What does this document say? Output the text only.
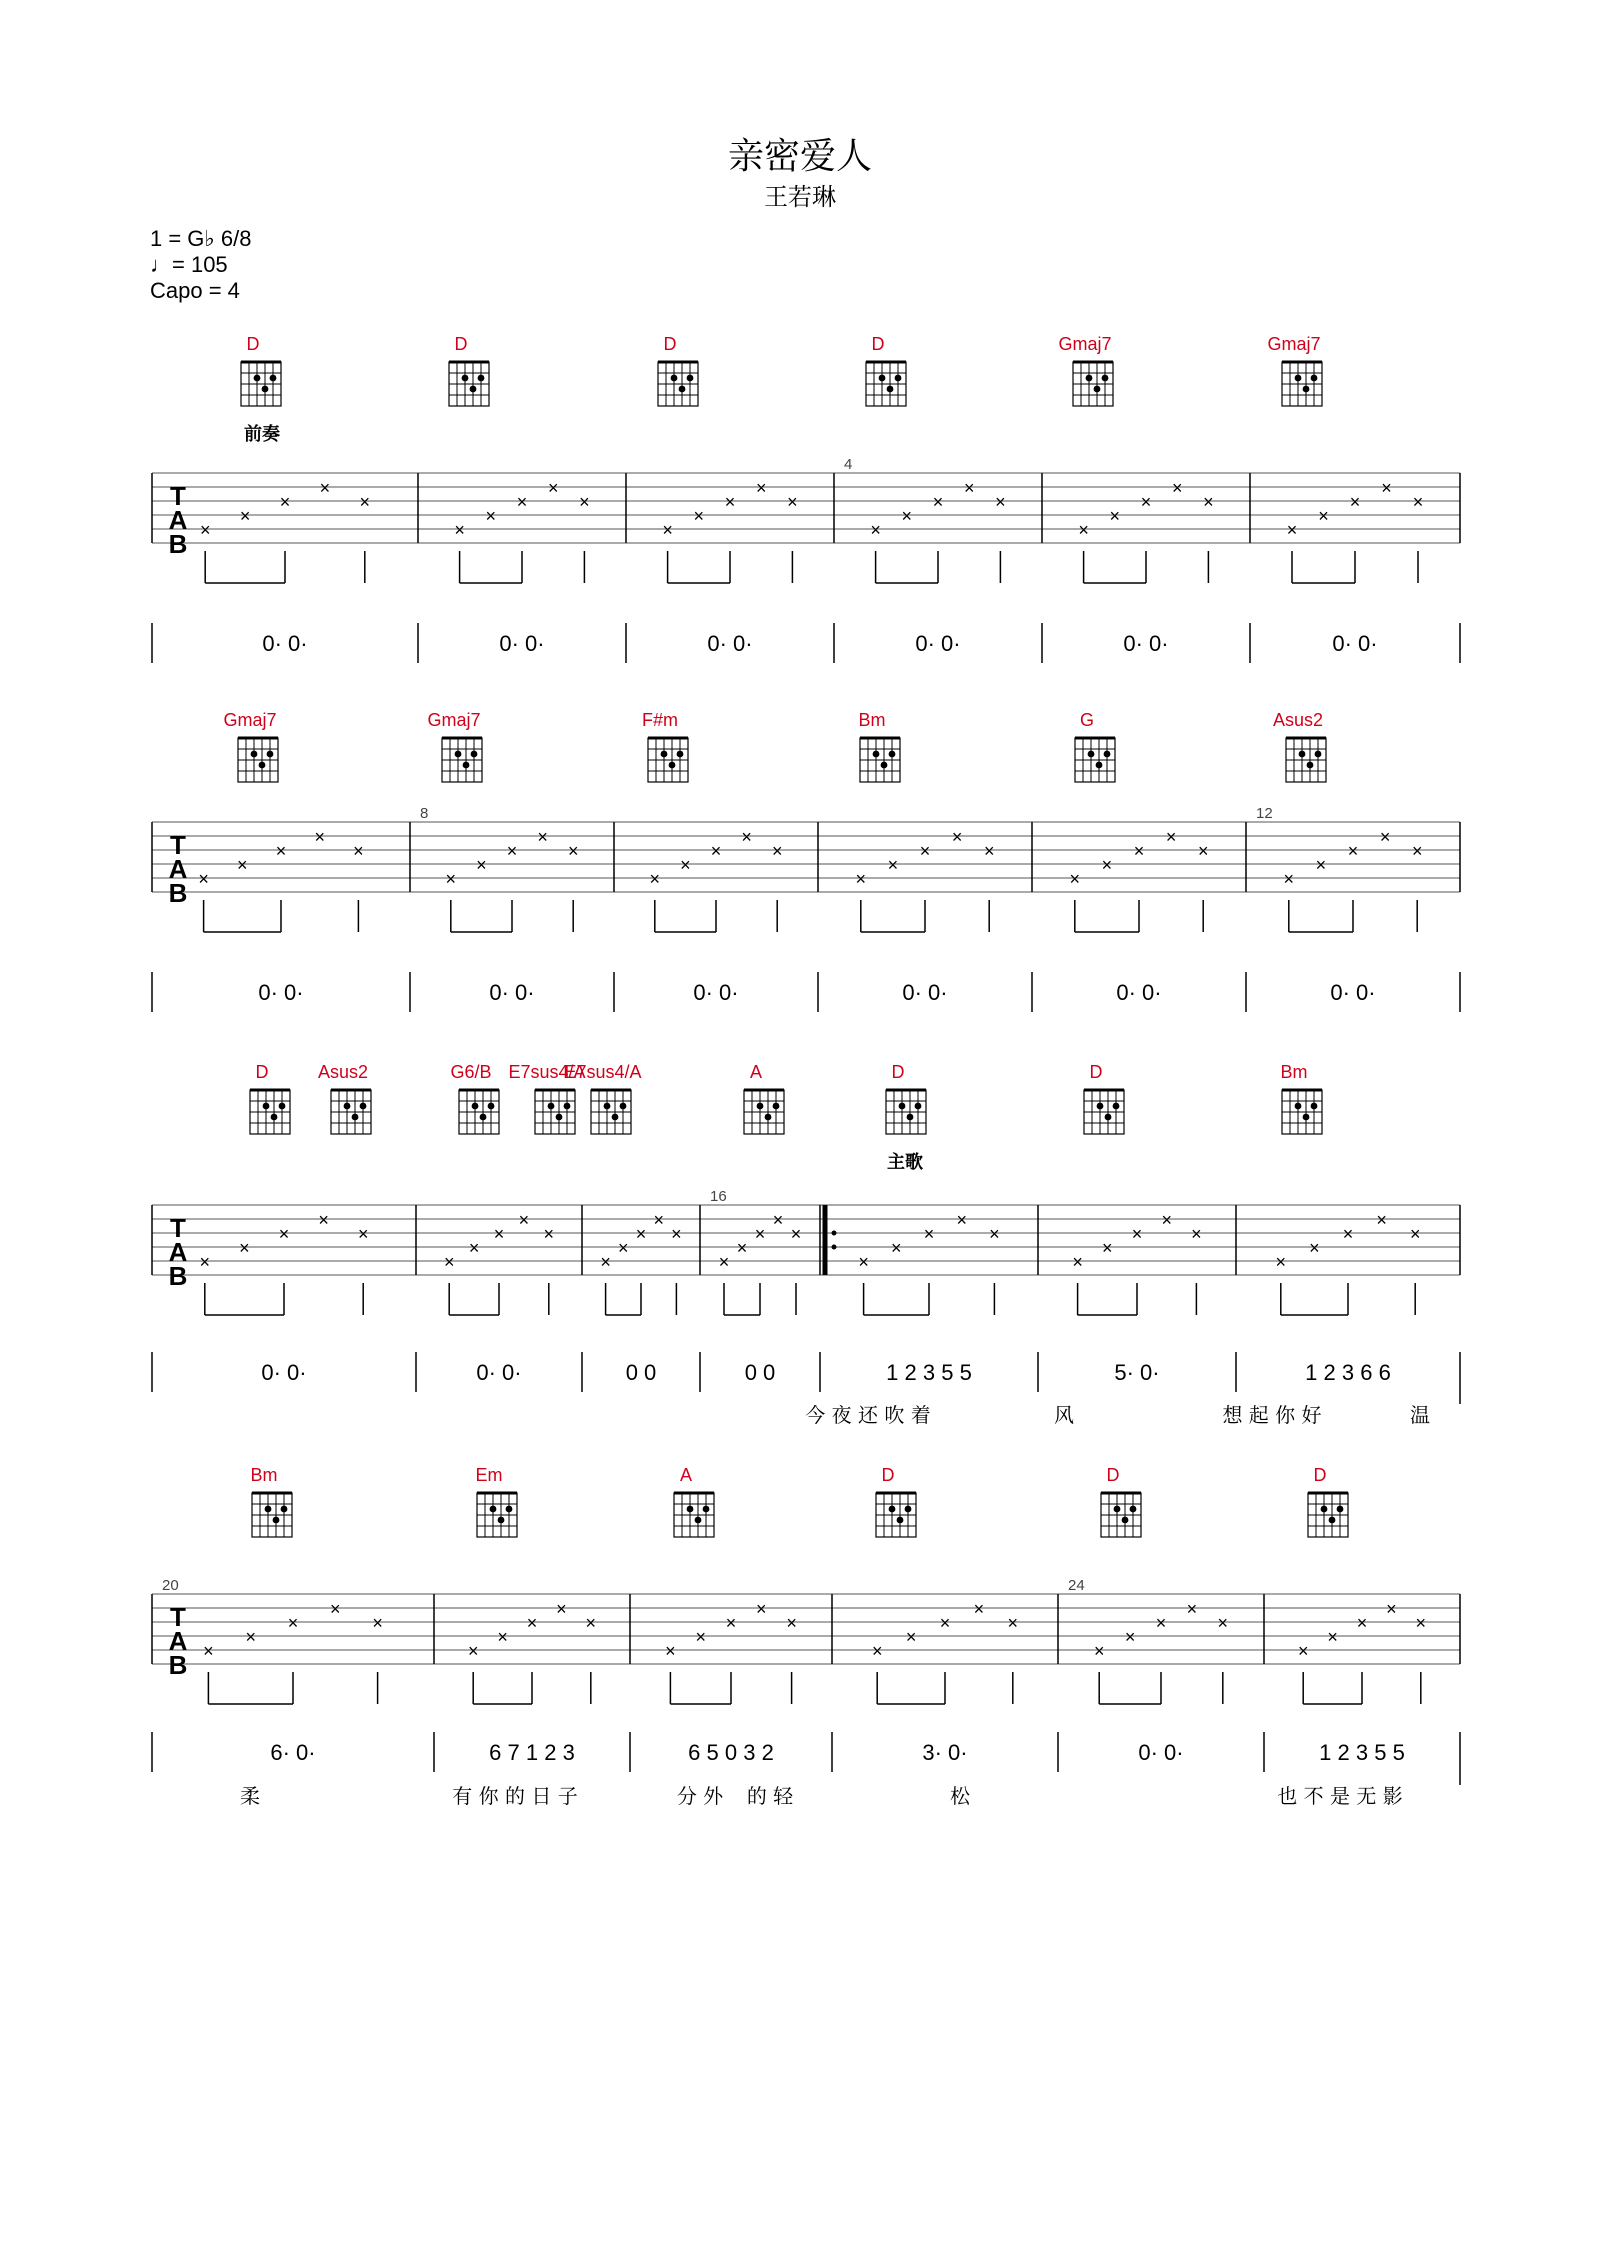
亲密爱人
王若琳
1 = G♭ 6/8
♩= 105
Capo = 4
D	D	D	D	Gmaj7	Gmaj7
前奏
T
A
B
4
×
×
×
×
×
×
×
×
×
×
×
×
×
×
×
×
×
×
×
×
×
×
×
×
×
×
×
×
×
×
0· 0·	0· 0·	0· 0·	0· 0·	0· 0·	0· 0·
Gmaj7	Gmaj7	F#m	Bm	G	Asus2
T
A
B
8	12
×
×
×
×
×
×
×
×
×
×
×
×
×
×
×
×
×
×
×
×
×
×
×
×
×
×
×
×
×
×
0· 0·	0· 0·	0· 0·	0· 0·	0· 0·	0· 0·
D	Asus2	G6/B E7sus4/A
E7sus4/A	A	D	D	Bm
主歌
T
A
B
16
×
×
×
×
×
×
×
×
×
×
×
×
×
×
×
×
×
×
×
×
×
×
×
×
×
×
×
×
×
×
×
×
×
×
×
0· 0·	0· 0·	0 0	0 0	1 2 3 5 5	5· 0·	1 2 3 6 6
今 夜 还 吹 着	风	想 起 你 好	温
Bm	Em	A	D	D	D
T
A
B
20	24
×
×
×
×
×
×
×
×
×
×
×
×
×
×
×
×
×
×
×
×
×
×
×
×
×
×
×
×
×
×
6· 0·	6 7 1 2 3	6 5 0 3 2	3· 0·	0· 0·	1 2 3 5 5
柔	有 你 的 日 子	分 外 的 轻	松	也 不 是 无 影
